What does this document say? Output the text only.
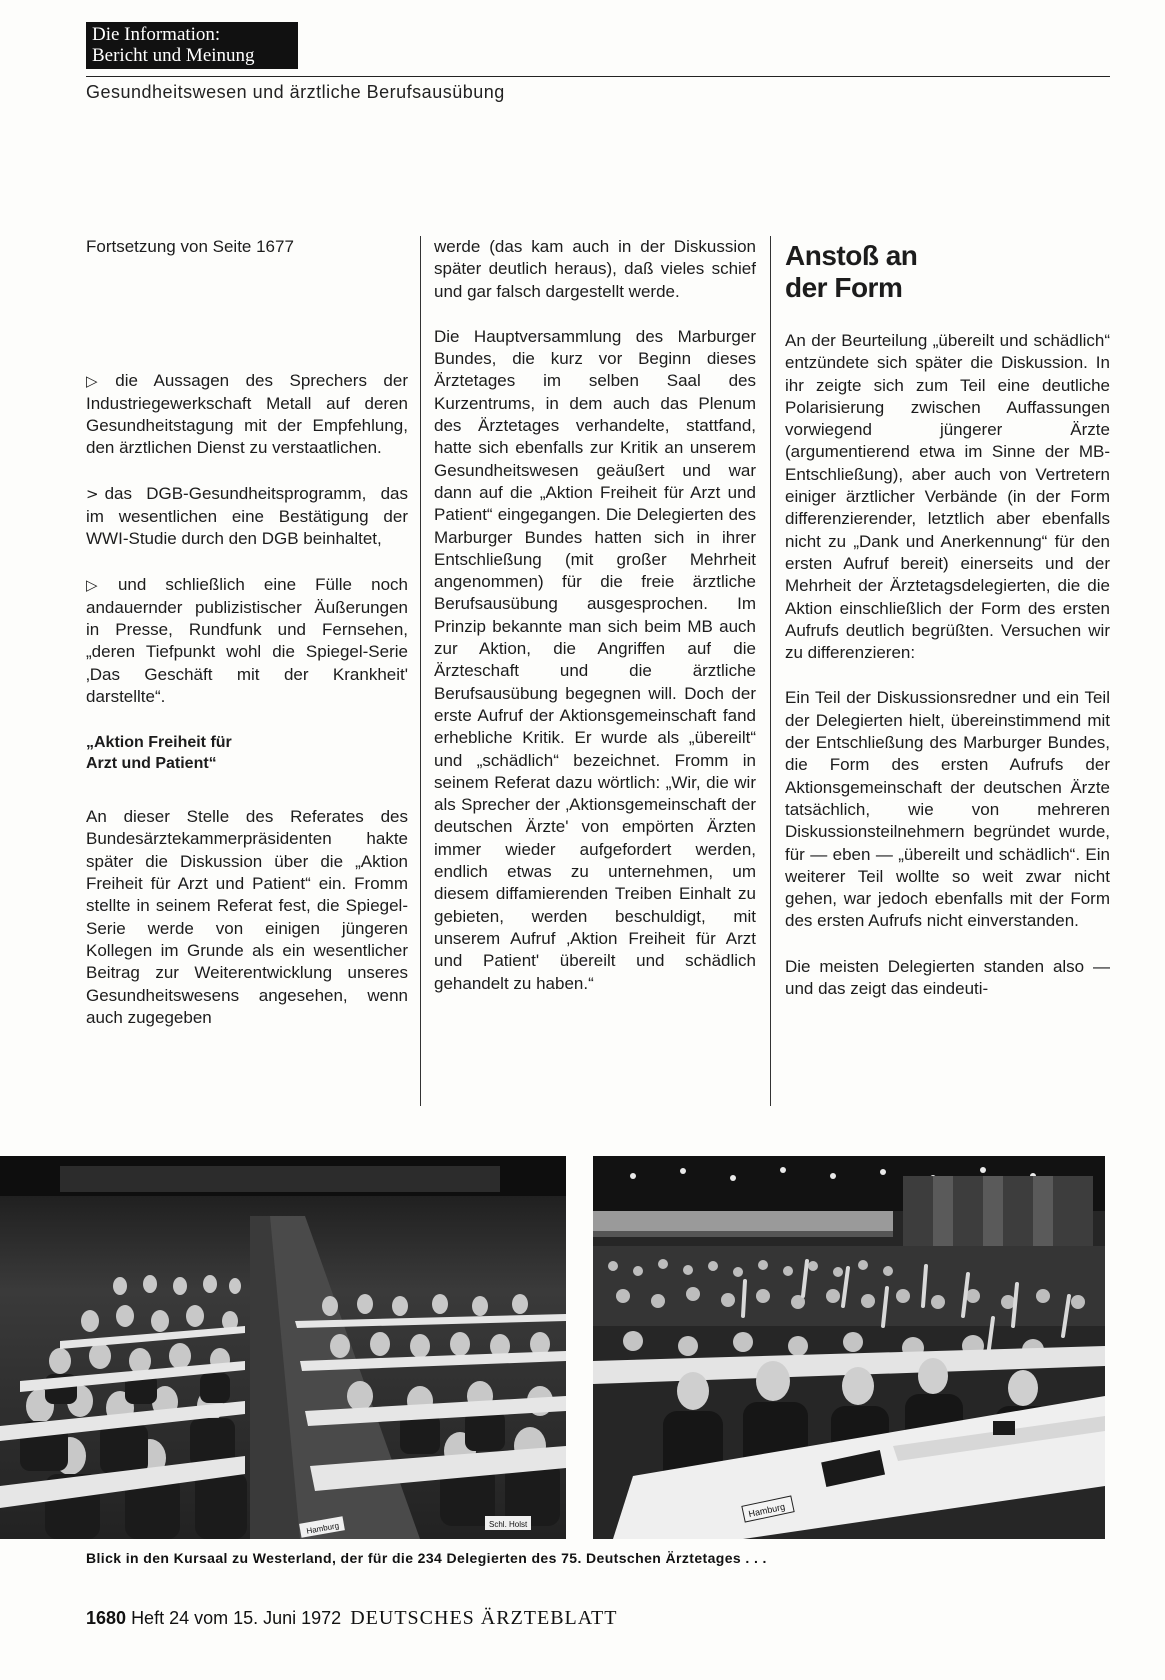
Die Information:
Bericht und Meinung
Gesundheitswesen und ärztliche Berufsausübung

Fortsetzung von Seite 1677

▷ die Aussagen des Sprechers der Industriegewerkschaft Metall auf deren Gesundheitstagung mit der Empfehlung, den ärztlichen Dienst zu verstaatlichen.

> das DGB-Gesundheitsprogramm, das im wesentlichen eine Bestätigung der WWI-Studie durch den DGB beinhaltet,

▷ und schließlich eine Fülle noch andauernder publizistischer Äußerungen in Presse, Rundfunk und Fernsehen, „deren Tiefpunkt wohl die Spiegel-Serie ‚Das Geschäft mit der Krankheit' darstellte“.

„Aktion Freiheit für
Arzt und Patient“

An dieser Stelle des Referates des Bundesärztekammerpräsidenten hakte später die Diskussion über die „Aktion Freiheit für Arzt und Patient“ ein. Fromm stellte in seinem Referat fest, die Spiegel-Serie werde von einigen jüngeren Kollegen im Grunde als ein wesentlicher Beitrag zur Weiterentwicklung unseres Gesundheitswesens angesehen, wenn auch zugegeben

werde (das kam auch in der Diskussion später deutlich heraus), daß vieles schief und gar falsch dargestellt werde.

Die Hauptversammlung des Marburger Bundes, die kurz vor Beginn dieses Ärztetages im selben Saal des Kurzentrums, in dem auch das Plenum des Ärztetages verhandelte, stattfand, hatte sich ebenfalls zur Kritik an unserem Gesundheitswesen geäußert und war dann auf die „Aktion Freiheit für Arzt und Patient“ eingegangen. Die Delegierten des Marburger Bundes hatten sich in ihrer Entschließung (mit großer Mehrheit angenommen) für die freie ärztliche Berufsausübung ausgesprochen. Im Prinzip bekannte man sich beim MB auch zur Aktion, die Angriffen auf die Ärzteschaft und die ärztliche Berufsausübung begegnen will. Doch der erste Aufruf der Aktionsgemeinschaft fand erhebliche Kritik. Er wurde als „übereilt“ und „schädlich“ bezeichnet. Fromm in seinem Referat dazu wörtlich: „Wir, die wir als Sprecher der ‚Aktionsgemeinschaft der deutschen Ärzte' von empörten Ärzten immer wieder aufgefordert werden, endlich etwas zu unternehmen, um diesem diffamierenden Treiben Einhalt zu gebieten, werden beschuldigt, mit unserem Aufruf ‚Aktion Freiheit für Arzt und Patient' übereilt und schädlich gehandelt zu haben.“

Anstoß an
der Form

An der Beurteilung „übereilt und schädlich“ entzündete sich später die Diskussion. In ihr zeigte sich zum Teil eine deutliche Polarisierung zwischen Auffassungen vorwiegend jüngerer Ärzte (argumentierend etwa im Sinne der MB-Entschließung), aber auch von Vertretern einiger ärztlicher Verbände (in der Form differenzierender, letztlich aber ebenfalls nicht zu „Dank und Anerkennung“ für den ersten Aufruf bereit) einerseits und der Mehrheit der Ärztetagsdelegierten, die die Aktion einschließlich der Form des ersten Aufrufs deutlich begrüßten. Versuchen wir zu differenzieren:

Ein Teil der Diskussionsredner und ein Teil der Delegierten hielt, übereinstimmend mit der Entschließung des Marburger Bundes, die Form des ersten Aufrufs der Aktionsgemeinschaft der deutschen Ärzte tatsächlich, wie von mehreren Diskussionsteilnehmern begründet wurde, für — eben — „übereilt und schädlich“. Ein weiterer Teil wollte so weit zwar nicht gehen, war jedoch ebenfalls mit der Form des ersten Aufrufs nicht einverstanden.

Die meisten Delegierten standen also — und das zeigt das eindeuti-

Hamburg	Schl. Holst
Hamburg
Blick in den Kursaal zu Westerland, der für die 234 Delegierten des 75. Deutschen Ärztetages . . .
1680 Heft 24 vom 15. Juni 1972 DEUTSCHES ÄRZTEBLATT
